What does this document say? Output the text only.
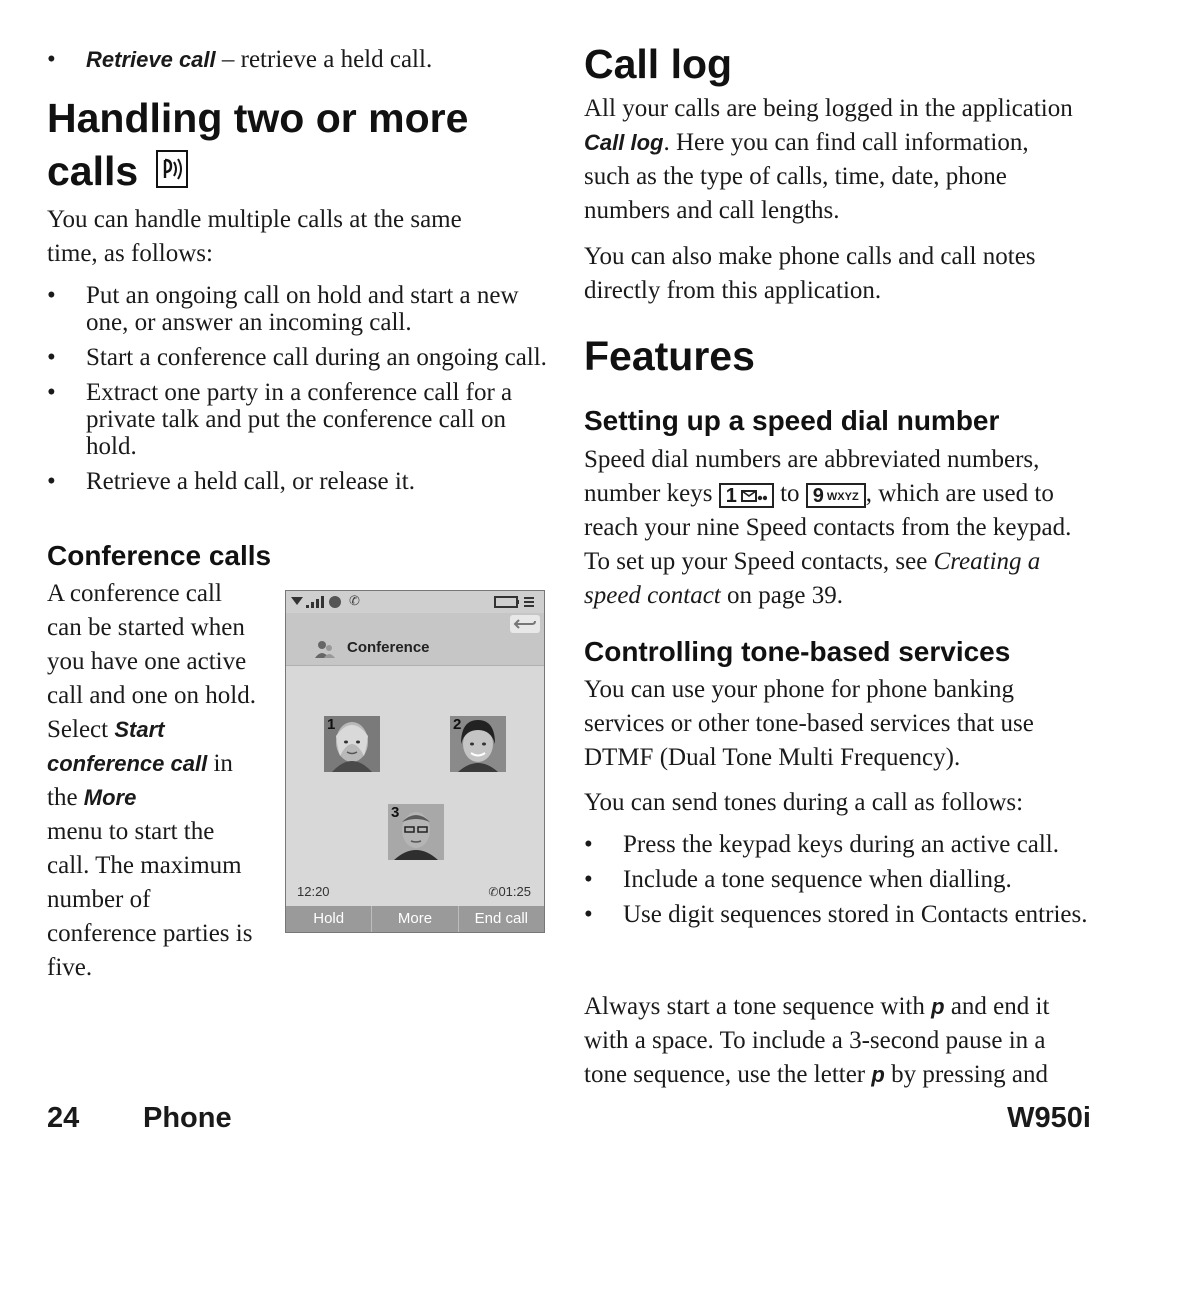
• Retrieve call – retrieve a held call.
Handling two or more
calls

You can handle multiple calls at the same time, as follows:

• Put an ongoing call on hold and start a new one, or answer an incoming call.
• Start a conference call during an ongoing call.
• Extract one party in a conference call for a private talk and put the conference call on hold.
• Retrieve a held call, or release it.
Conference calls

A conference call can be started when you have one active call and one on hold. Select Start conference call in the More
menu to start the call. The maximum number of conference parties is five.

✆
Conference
1	2
3
12:20	✆01:25
Hold	More	End call
Call log

All your calls are being logged in the application Call log. Here you can find call information, such as the type of calls, time, date, phone numbers and call lengths.

You can also make phone calls and call notes directly from this application.

Features
Setting up a speed dial number

Speed dial numbers are abbreviated numbers, number keys 1 to 9 WXYZ , which are used to reach your nine Speed contacts from the keypad. To set up your Speed contacts, see Creating a speed contact on page 39.

Controlling tone-based services

You can use your phone for phone banking services or other tone-based services that use DTMF (Dual Tone Multi Frequency).

You can send tones during a call as follows:

• Press the keypad keys during an active call.
• Include a tone sequence when dialling.
• Use digit sequences stored in Contacts entries.

Always start a tone sequence with p and end it with a space. To include a 3-second pause in a tone sequence, use the letter p by pressing and

24 Phone	W950i
